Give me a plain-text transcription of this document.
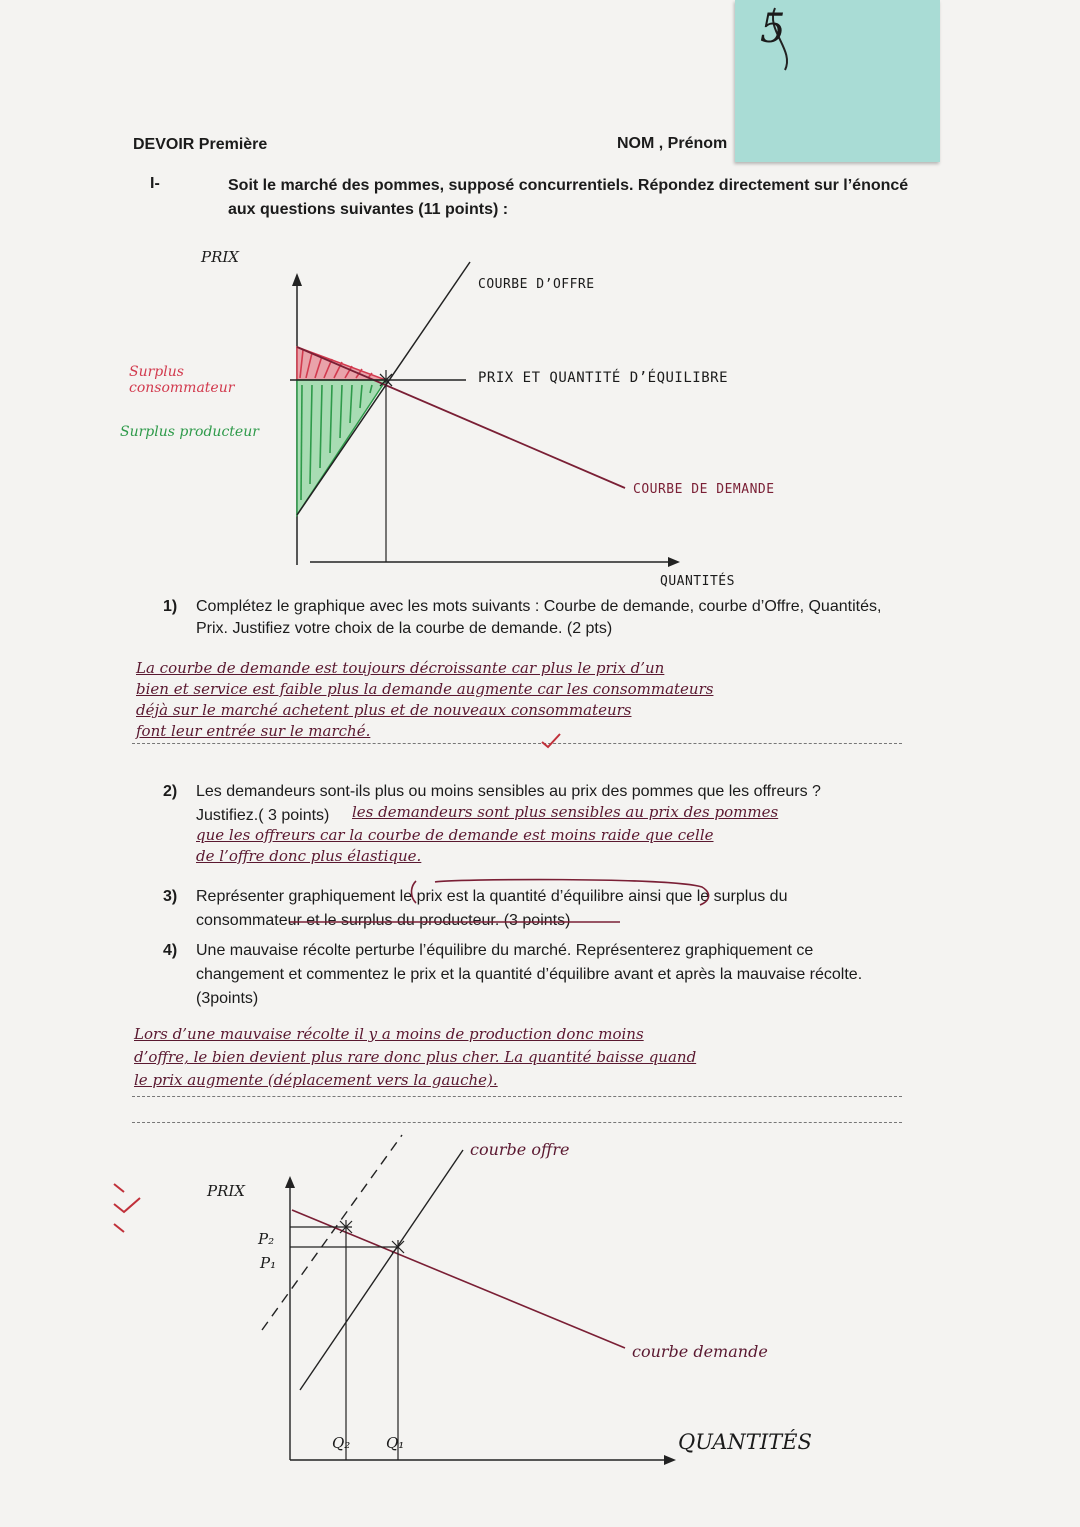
5
DEVOIR Première	NOM , Prénom
I-	Soit le marché des pommes, supposé concurrentiels. Répondez directement sur l’énoncé aux questions suivantes (11 points) :
PRIX
QUANTITÉS
COURBE D’OFFRE
PRIX ET QUANTITÉ D’ÉQUILIBRE
COURBE DE DEMANDE
Surplus consommateur
Surplus producteur
1) Complétez le graphique avec les mots suivants : Courbe de demande, courbe d’Offre, Quantités, Prix. Justifiez votre choix de la courbe de demande. (2 pts)
La courbe de demande est toujours décroissante car plus le prix d’un
bien et service est faible plus la demande augmente car les consommateurs
déjà sur le marché achetent plus et de nouveaux consommateurs
font leur entrée sur le marché.
2) Les demandeurs sont-ils plus ou moins sensibles au prix des pommes que les offreurs ?
Justifiez.( 3 points) les demandeurs sont plus sensibles au prix des pommes
que les offreurs car la courbe de demande est moins raide que celle
de l’offre donc plus élastique.
3) Représenter graphiquement le prix est la quantité d’équilibre ainsi que le surplus du
consommateur et le surplus du producteur. (3 points)
4) Une mauvaise récolte perturbe l’équilibre du marché. Représenterez graphiquement ce
changement et commentez le prix et la quantité d’équilibre avant et après la mauvaise récolte.
(3points)
Lors d’une mauvaise récolte il y a moins de production donc moins
d’offre, le bien devient plus rare donc plus cher. La quantité baisse quand
le prix augmente (déplacement vers la gauche).
PRIX
P₂
P₁
Q₂ Q₁
courbe offre
courbe demande
QUANTITÉS
